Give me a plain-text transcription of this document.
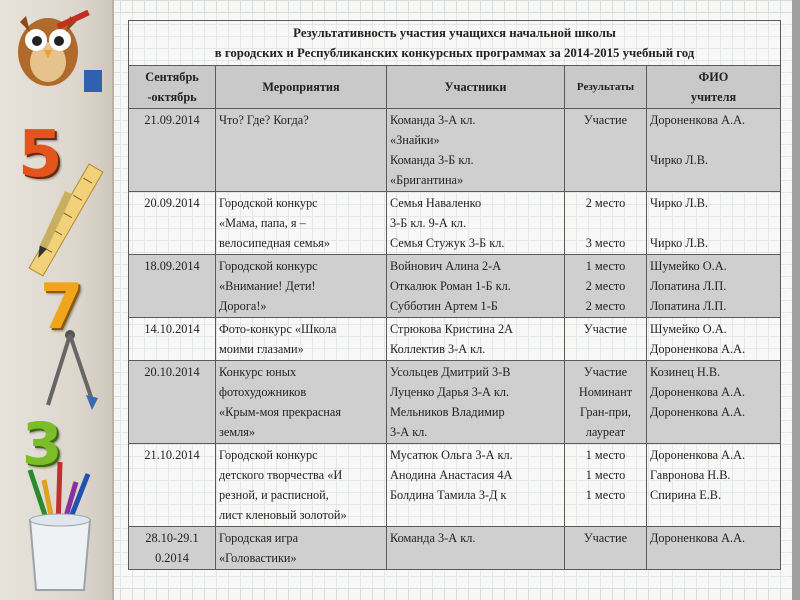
5
7
3
Результативность участия учащихся начальной школы
в городских и Республиканских конкурсных программах за 2014-2015 учебный год				

Сентябрь
-октябрь	Мероприятия	Участники	Результаты	ФИО
учителя

21.09.2014	Что? Где? Когда?	Команда 3-А кл.
«Знайки»
Команда 3-Б кл.
«Бригантина»	Участие	Дороненкова А.А.
Чирко Л.В.

20.09.2014	Городской конкурс
«Мама, папа, я –
велосипедная семья»	Семья Наваленко
3-Б кл. 9-А кл.
Семья Стужук 3-Б кл.	2 место
3 место	Чирко Л.В.
Чирко Л.В.

18.09.2014	Городской конкурс
«Внимание! Дети!
Дорога!»	Войнович Алина 2-А
Откалюк Роман 1-Б кл.
Субботин Артем 1-Б	1 место
2 место
2 место	Шумейко О.А.
Лопатина Л.П.
Лопатина Л.П.

14.10.2014	Фото-конкурс «Школа
моими глазами»	Стрюкова Кристина 2А
Коллектив 3-А кл.	Участие	Шумейко О.А.
Дороненкова А.А.

20.10.2014	Конкурс юных
фотохудожников
«Крым-моя прекрасная
земля»	Усольцев Дмитрий 3-В
Луценко Дарья 3-А кл.
Мельников Владимир
3-А кл.	Участие
Номинант
Гран-при,
лауреат	Козинец Н.В.
Дороненкова А.А.
Дороненкова А.А.

21.10.2014	Городской конкурс
детского творчества «И
резной, и расписной,
лист кленовый золотой»	Мусатюк Ольга 3-А кл.
Анодина Анастасия 4А
Болдина Тамила 3-Д к	1 место
1 место
1 место	Дороненкова А.А.
Гавронова Н.В.
Спирина Е.В.

28.10-29.1
0.2014	Городская игра
«Головастики»	Команда 3-А кл.	Участие	Дороненкова А.А.
